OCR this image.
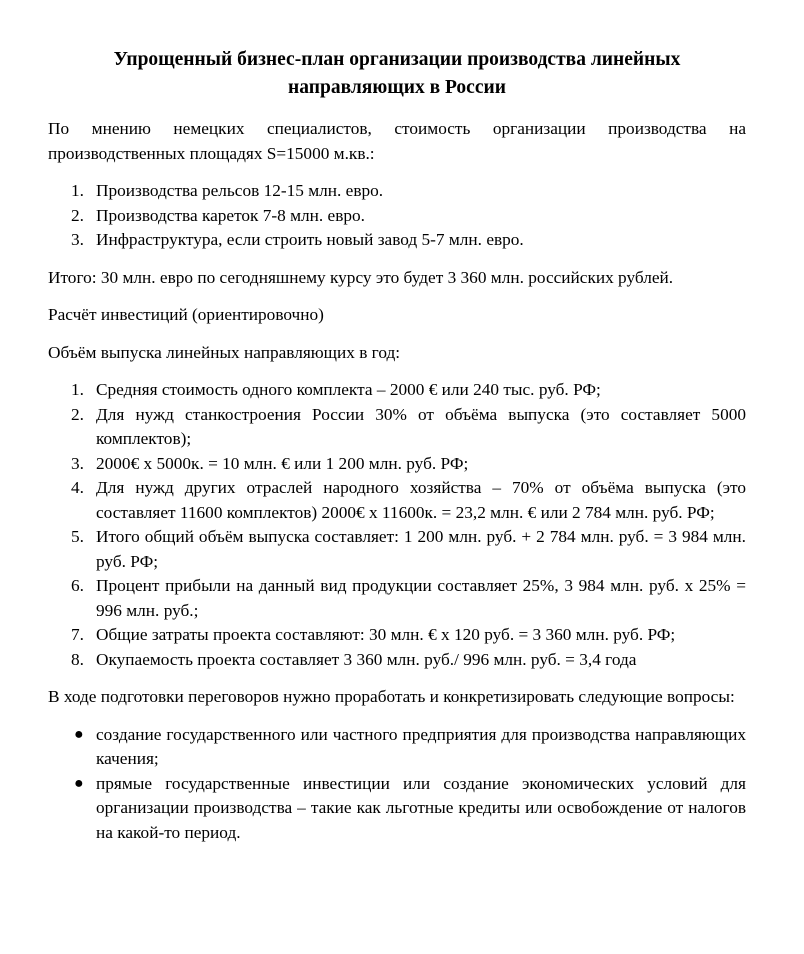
Упрощенный бизнес-план организации производства линейных
направляющих в России

По мнению немецких специалистов, стоимость организации производства на производственных площадях S=15000 м.кв.:

1. Производства рельсов 12-15 млн. евро.
2. Производства кареток 7-8 млн. евро.
3. Инфраструктура, если строить новый завод 5-7 млн. евро.

Итого: 30 млн. евро по сегодняшнему курсу это будет 3 360 млн. российских рублей.

Расчёт инвестиций (ориентировочно)

Объём выпуска линейных направляющих в год:

1. Средняя стоимость одного комплекта – 2000 € или 240 тыс. руб. РФ;
2. Для нужд станкостроения России 30% от объёма выпуска (это составляет 5000 комплектов);
3. 2000€ х 5000к. = 10 млн. € или 1 200 млн. руб. РФ;
4. Для нужд других отраслей народного хозяйства – 70% от объёма выпуска (это составляет 11600 комплектов) 2000€ х 11600к. = 23,2 млн. € или 2 784 млн. руб. РФ;
5. Итого общий объём выпуска составляет: 1 200 млн. руб. + 2 784 млн. руб. = 3 984 млн. руб. РФ;
6. Процент прибыли на данный вид продукции составляет 25%, 3 984 млн. руб. х 25% = 996 млн. руб.;
7. Общие затраты проекта составляют: 30 млн. € х 120 руб. = 3 360 млн. руб. РФ;
8. Окупаемость проекта составляет 3 360 млн. руб./ 996 млн. руб. = 3,4 года

В ходе подготовки переговоров нужно проработать и конкретизировать следующие вопросы:

● создание государственного или частного предприятия для производства направляющих качения;
● прямые государственные инвестиции или создание экономических условий для организации производства – такие как льготные кредиты или освобождение от налогов на какой-то период.
